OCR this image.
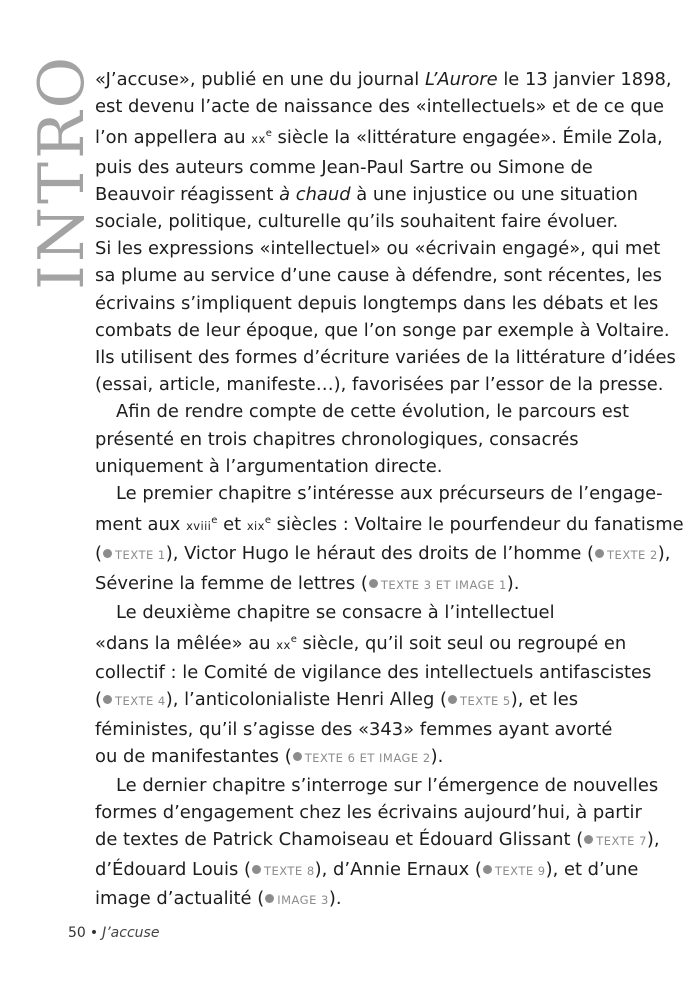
INTRO

«J’accuse», publié en une du journal L’Aurore le 13 janvier 1898,
est devenu l’acte de naissance des «intellectuels» et de ce que
l’on appellera au $xx^e$ siècle la «littérature engagée». Émile Zola,
puis des auteurs comme Jean-Paul Sartre ou Simone de
Beauvoir réagissent à chaud à une injustice ou une situation
sociale, politique, culturelle qu’ils souhaitent faire évoluer.

Si les expressions «intellectuel» ou «écrivain engagé», qui met
sa plume au service d’une cause à défendre, sont récentes, les
écrivains s’impliquent depuis longtemps dans les débats et les
combats de leur époque, que l’on songe par exemple à Voltaire.
Ils utilisent des formes d’écriture variées de la littérature d’idées
(essai, article, manifeste…), favorisées par l’essor de la presse.

Afin de rendre compte de cette évolution, le parcours est
présenté en trois chapitres chronologiques, consacrés
uniquement à l’argumentation directe.

Le premier chapitre s’intéresse aux précurseurs de l’engage-
ment aux xviii$^e$ et xix$^e$ siècles : Voltaire le pourfendeur du fanatisme
( TEXTE 1), Victor Hugo le héraut des droits de l’homme ( TEXTE 2),
Séverine la femme de lettres ( TEXTE 3 ET IMAGE 1).

Le deuxième chapitre se consacre à l’intellectuel
«dans la mêlée» au $xx^e$ siècle, qu’il soit seul ou regroupé en
collectif : le Comité de vigilance des intellectuels antifascistes
( TEXTE 4), l’anticolonialiste Henri Alleg ( TEXTE 5), et les
féministes, qu’il s’agisse des «343» femmes ayant avorté
ou de manifestantes ( TEXTE 6 ET IMAGE 2).

Le dernier chapitre s’interroge sur l’émergence de nouvelles
formes d’engagement chez les écrivains aujourd’hui, à partir
de textes de Patrick Chamoiseau et Édouard Glissant ( TEXTE 7),
d’Édouard Louis ( TEXTE 8), d’Annie Ernaux ( TEXTE 9), et d’une
image d’actualité ( IMAGE 3).

50 • J’accuse
